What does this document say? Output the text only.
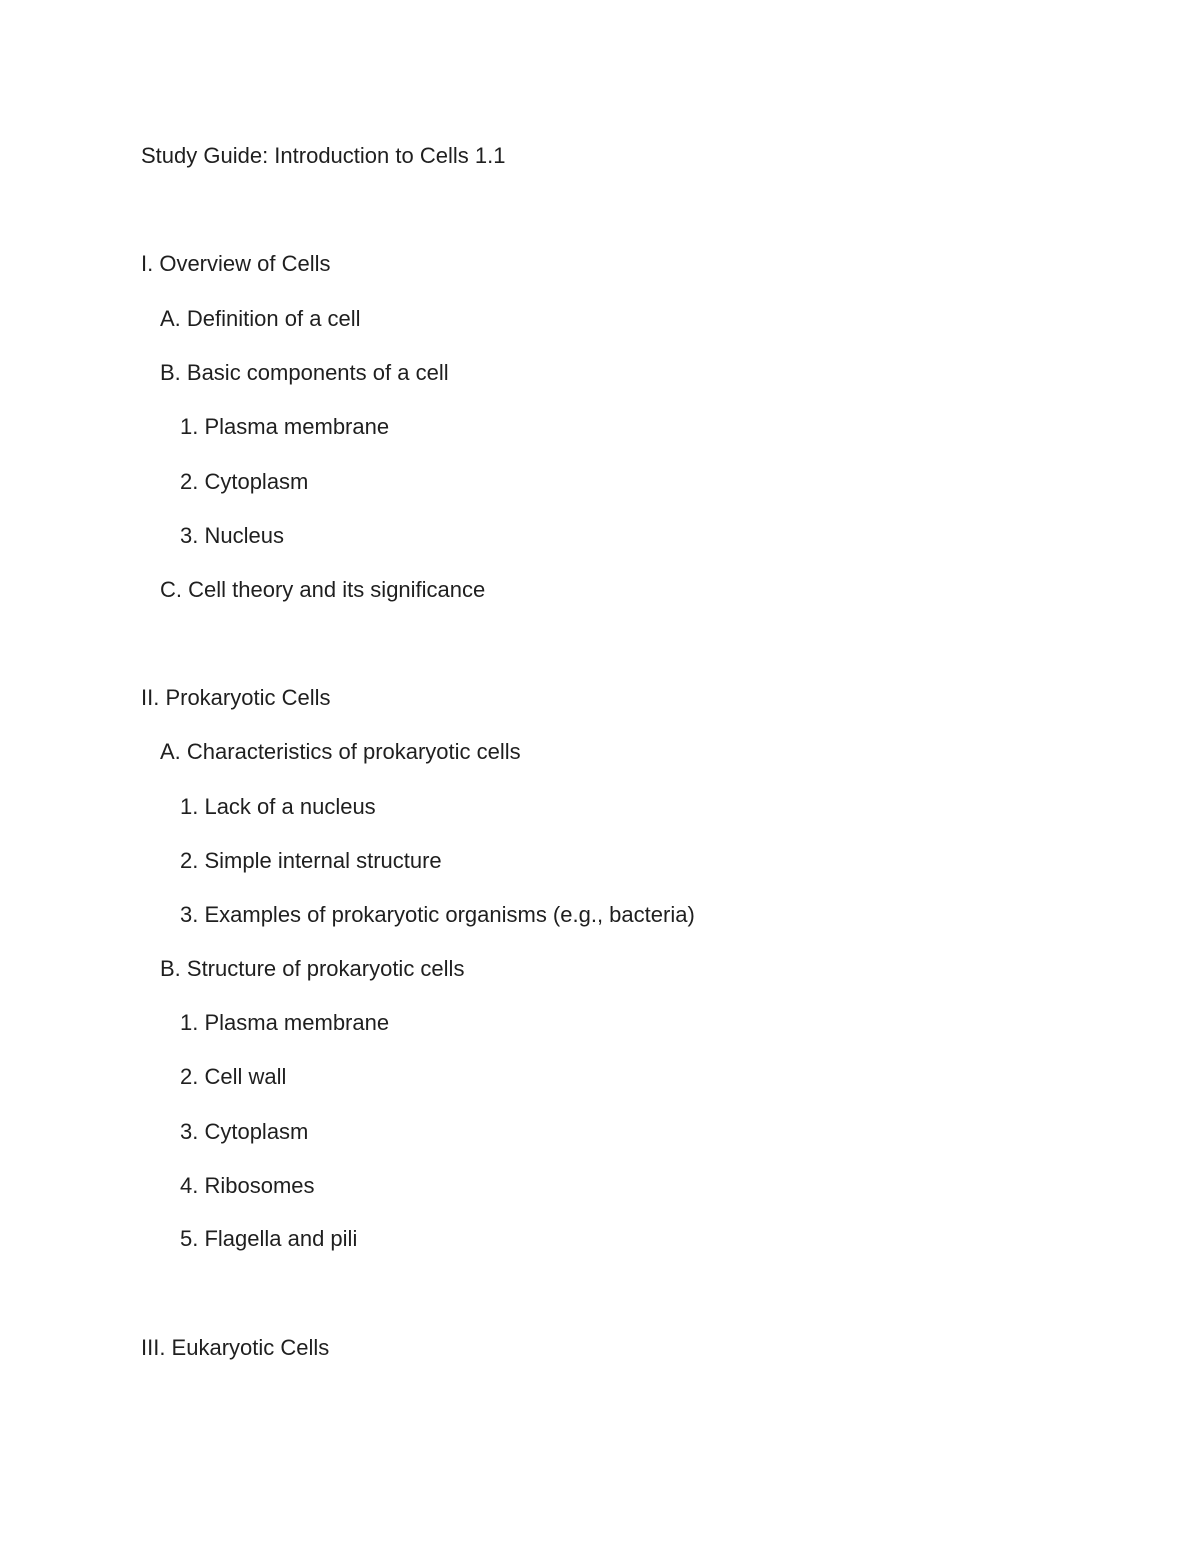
Study Guide: Introduction to Cells 1.1
I. Overview of Cells
A. Definition of a cell
B. Basic components of a cell
1. Plasma membrane
2. Cytoplasm
3. Nucleus
C. Cell theory and its significance
II. Prokaryotic Cells
A. Characteristics of prokaryotic cells
1. Lack of a nucleus
2. Simple internal structure
3. Examples of prokaryotic organisms (e.g., bacteria)
B. Structure of prokaryotic cells
1. Plasma membrane
2. Cell wall
3. Cytoplasm
4. Ribosomes
5. Flagella and pili
III. Eukaryotic Cells
